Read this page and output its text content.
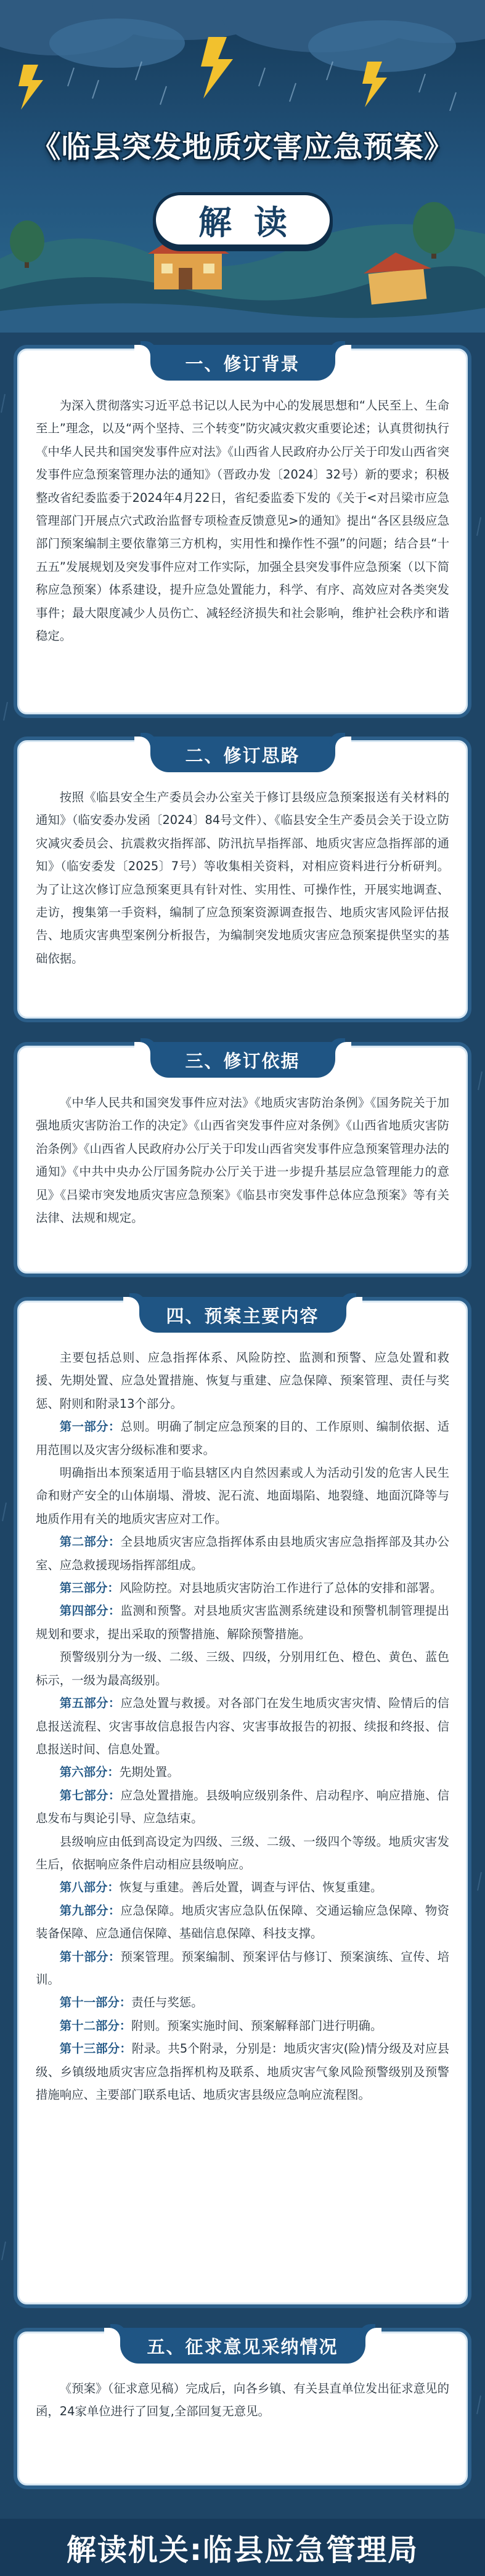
《临县突发地质灾害应急预案》
解读
一、修订背景

为深入贯彻落实习近平总书记以人民为中心的发展思想和“人民至上、生命至上”理念，以及“两个坚持、三个转变”防灾减灾救灾重要论述；认真贯彻执行《中华人民共和国突发事件应对法》《山西省人民政府办公厅关于印发山西省突发事件应急预案管理办法的通知》（晋政办发〔2024〕32号）新的要求；积极整改省纪委监委于2024年4月22日，省纪委监委下发的《关于<对吕梁市应急管理部门开展点穴式政治监督专项检查反馈意见>的通知》提出“各区县级应急部门预案编制主要依靠第三方机构，实用性和操作性不强”的问题；结合县“十五五”发展规划及突发事件应对工作实际，加强全县突发事件应急预案（以下简称应急预案）体系建设，提升应急处置能力，科学、有序、高效应对各类突发事件；最大限度减少人员伤亡、减轻经济损失和社会影响，维护社会秩序和谐稳定。

二、修订思路

按照《临县安全生产委员会办公室关于修订县级应急预案报送有关材料的通知》（临安委办发函〔2024〕84号文件）、《临县安全生产委员会关于设立防灾减灾委员会、抗震救灾指挥部、防汛抗旱指挥部、地质灾害应急指挥部的通知》（临安委发〔2025〕7号）等收集相关资料，对相应资料进行分析研判。为了让这次修订应急预案更具有针对性、实用性、可操作性，开展实地调查、走访，搜集第一手资料，编制了应急预案资源调查报告、地质灾害风险评估报告、地质灾害典型案例分析报告，为编制突发地质灾害应急预案提供坚实的基础依据。

三、修订依据

《中华人民共和国突发事件应对法》《地质灾害防治条例》《国务院关于加强地质灾害防治工作的决定》《山西省突发事件应对条例》《山西省地质灾害防治条例》《山西省人民政府办公厅关于印发山西省突发事件应急预案管理办法的通知》《中共中央办公厅国务院办公厅关于进一步提升基层应急管理能力的意见》《吕梁市突发地质灾害应急预案》《临县市突发事件总体应急预案》等有关法律、法规和规定。

四、预案主要内容

主要包括总则、应急指挥体系、风险防控、监测和预警、应急处置和救援、先期处置、应急处置措施、恢复与重建、应急保障、预案管理、责任与奖惩、附则和附录13个部分。

第一部分：总则。明确了制定应急预案的目的、工作原则、编制依据、适用范围以及灾害分级标准和要求。

明确指出本预案适用于临县辖区内自然因素或人为活动引发的危害人民生命和财产安全的山体崩塌、滑坡、泥石流、地面塌陷、地裂缝、地面沉降等与地质作用有关的地质灾害应对工作。

第二部分：全县地质灾害应急指挥体系由县地质灾害应急指挥部及其办公室、应急救援现场指挥部组成。

第三部分：风险防控。对县地质灾害防治工作进行了总体的安排和部署。

第四部分：监测和预警。对县地质灾害监测系统建设和预警机制管理提出规划和要求，提出采取的预警措施、解除预警措施。

预警级别分为一级、二级、三级、四级，分别用红色、橙色、黄色、蓝色标示，一级为最高级别。

第五部分：应急处置与救援。对各部门在发生地质灾害灾情、险情后的信息报送流程、灾害事故信息报告内容、灾害事故报告的初报、续报和终报、信息报送时间、信息处置。

第六部分：先期处置。

第七部分：应急处置措施。县级响应级别条件、启动程序、响应措施、信息发布与舆论引导、应急结束。

县级响应由低到高设定为四级、三级、二级、一级四个等级。地质灾害发生后，依据响应条件启动相应县级响应。

第八部分：恢复与重建。善后处置，调查与评估、恢复重建。

第九部分：应急保障。地质灾害应急队伍保障、交通运输应急保障、物资装备保障、应急通信保障、基础信息保障、科技支撑。

第十部分：预案管理。预案编制、预案评估与修订、预案演练、宣传、培训。

第十一部分：责任与奖惩。

第十二部分：附则。预案实施时间、预案解释部门进行明确。

第十三部分：附录。共5个附录，分别是：地质灾害灾(险)情分级及对应县级、乡镇级地质灾害应急指挥机构及联系、地质灾害气象风险预警级别及预警措施响应、主要部门联系电话、地质灾害县级应急响应流程图。

五、征求意见采纳情况

《预案》（征求意见稿）完成后，向各乡镇、有关县直单位发出征求意见的函，24家单位进行了回复,全部回复无意见。

解读机关:临县应急管理局
